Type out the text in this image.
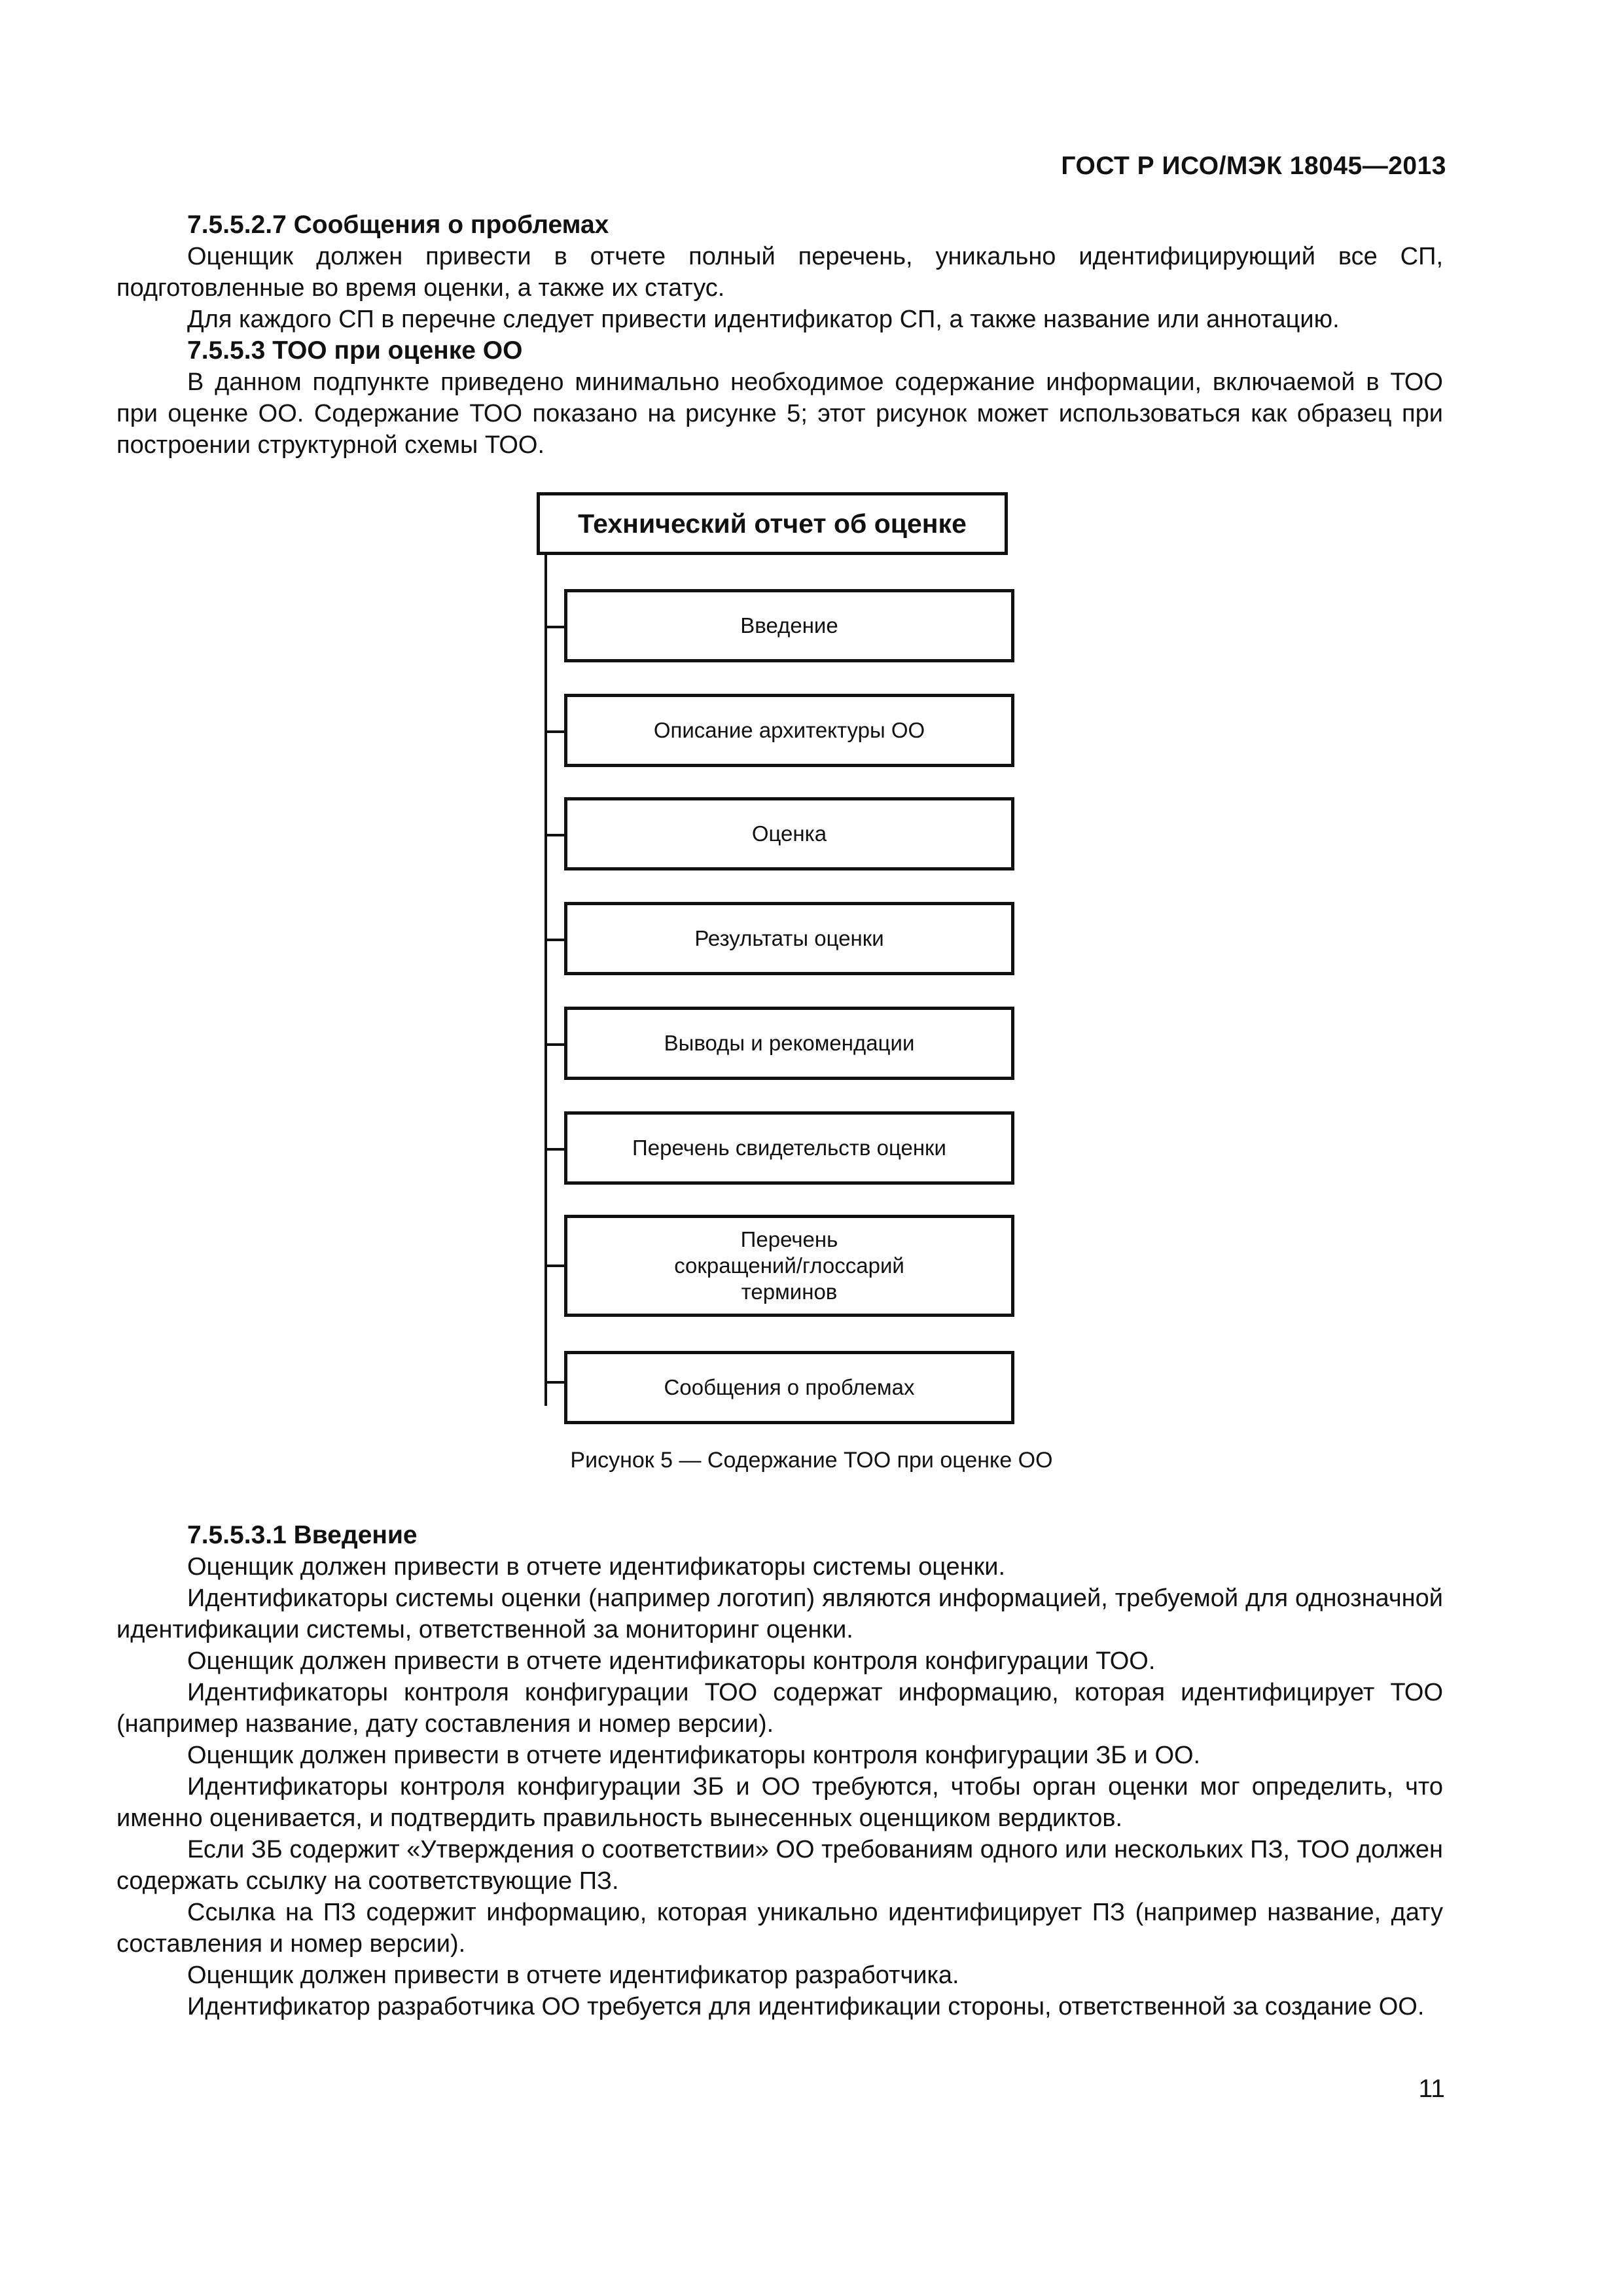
ГОСТ Р ИСО/МЭК 18045—2013
7.5.5.2.7 Сообщения о проблемах

Оценщик должен привести в отчете полный перечень, уникально идентифицирующий все СП, подготовленные во время оценки, а также их статус.

Для каждого СП в перечне следует привести идентификатор СП, а также название или аннотацию.

7.5.5.3 ТОО при оценке ОО

В данном подпункте приведено минимально необходимое содержание информации, включаемой в ТОО при оценке ОО. Содержание ТОО показано на рисунке 5; этот рисунок может использоваться как образец при построении структурной схемы ТОО.

Технический отчет об оценке
Введение
Описание архитектуры ОО
Оценка
Результаты оценки
Выводы и рекомендации
Перечень свидетельств оценки
Перечень
сокращений/глоссарий
терминов
Сообщения о проблемах
Рисунок 5 — Содержание ТОО при оценке ОО
7.5.5.3.1 Введение

Оценщик должен привести в отчете идентификаторы системы оценки.

Идентификаторы системы оценки (например логотип) являются информацией, требуемой для однозначной идентификации системы, ответственной за мониторинг оценки.

Оценщик должен привести в отчете идентификаторы контроля конфигурации ТОО.

Идентификаторы контроля конфигурации ТОО содержат информацию, которая идентифицирует ТОО (например название, дату составления и номер версии).

Оценщик должен привести в отчете идентификаторы контроля конфигурации ЗБ и ОО.

Идентификаторы контроля конфигурации ЗБ и ОО требуются, чтобы орган оценки мог определить, что именно оценивается, и подтвердить правильность вынесенных оценщиком вердиктов.

Если ЗБ содержит «Утверждения о соответствии» ОО требованиям одного или нескольких ПЗ, ТОО должен содержать ссылку на соответствующие ПЗ.

Ссылка на ПЗ содержит информацию, которая уникально идентифицирует ПЗ (например название, дату составления и номер версии).

Оценщик должен привести в отчете идентификатор разработчика.

Идентификатор разработчика ОО требуется для идентификации стороны, ответственной за создание ОО.

11
